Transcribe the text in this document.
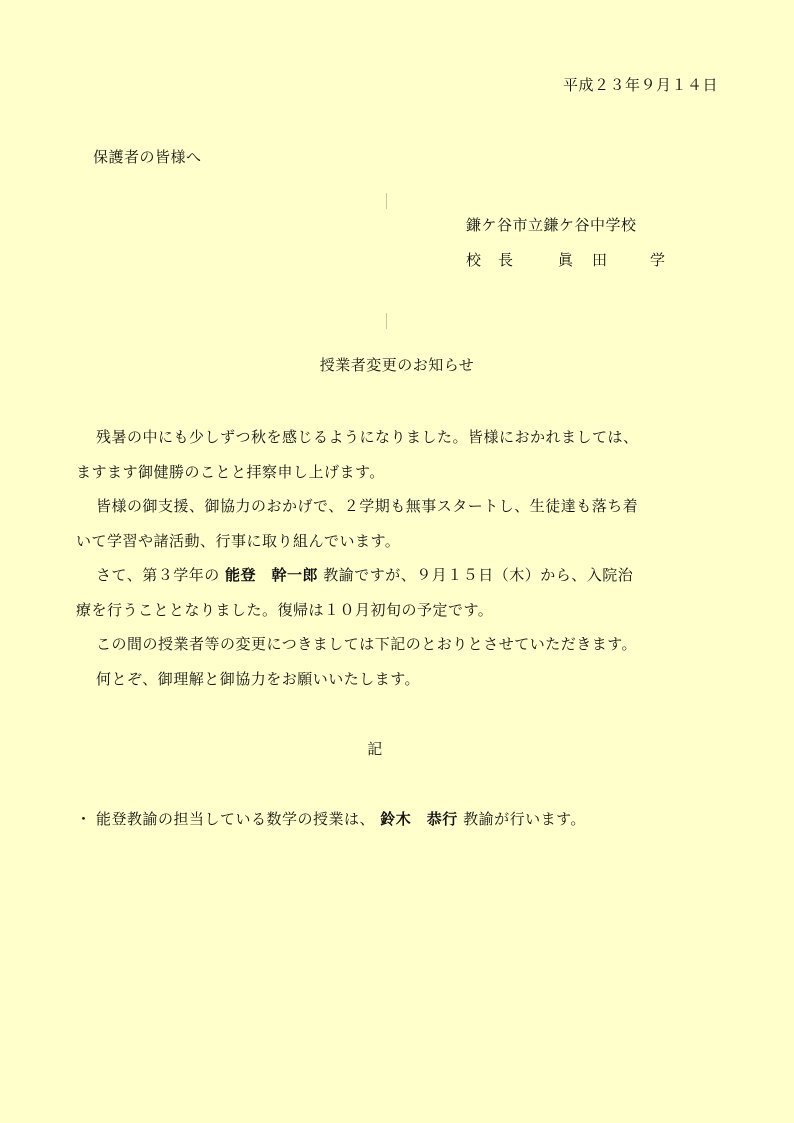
平成２３年９月１４日
保護者の皆様へ
鎌ケ谷市立鎌ケ谷中学校
校 長	眞 田	学
授業者変更のお知らせ

残暑の中にも少しずつ秋を感じるようになりました。皆様におかれましては、

ますます御健勝のことと拝察申し上げます。

皆様の御支援、御協力のおかげで、２学期も無事スタートし、生徒達も落ち着

いて学習や諸活動、行事に取り組んでいます。

さて、第３学年の 能登　幹一郎 教諭ですが、９月１５日（木）から、入院治

療を行うこととなりました。復帰は１０月初旬の予定です。

この間の授業者等の変更につきましては下記のとおりとさせていただきます。

何とぞ、御理解と御協力をお願いいたします。

記
・ 能登教諭の担当している数学の授業は、 鈴木　恭行 教諭が行います。
